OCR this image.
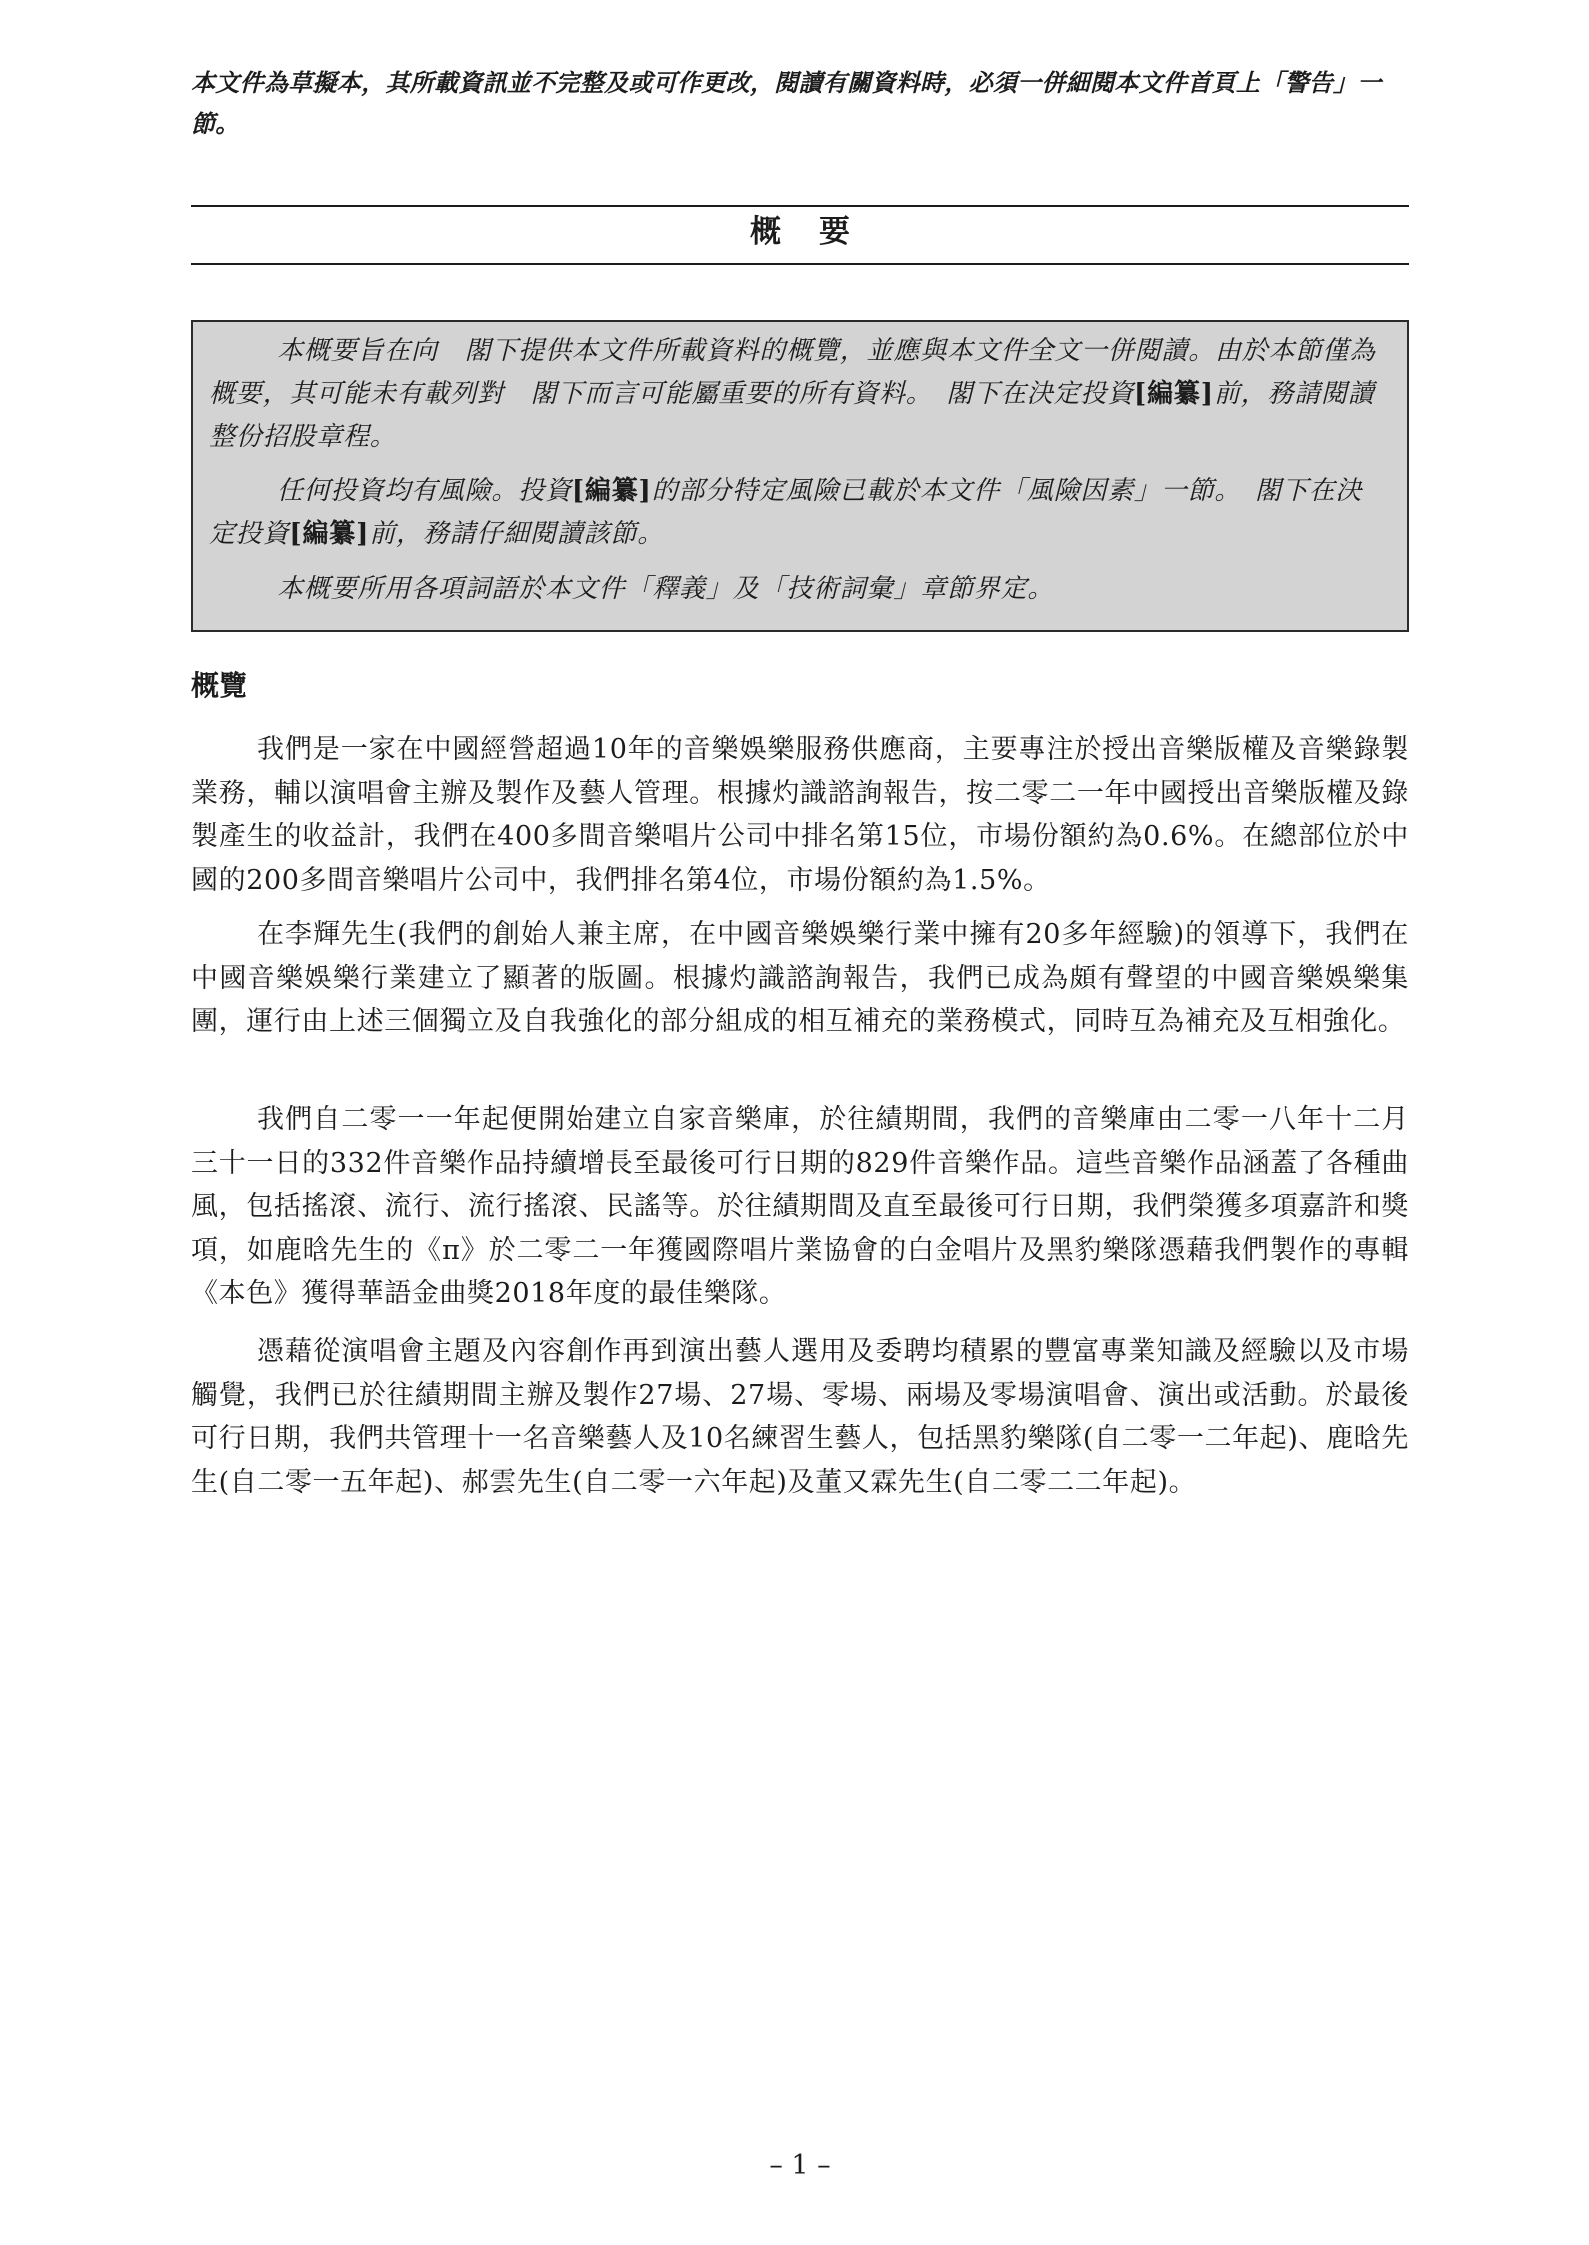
本文件為草擬本，其所載資訊並不完整及或可作更改，閱讀有關資料時，必須一併細閱本文件首頁上「警告」一節。
概要

本概要旨在向　閣下提供本文件所載資料的概覽，並應與本文件全文一併閱讀。由於本節僅為概要，其可能未有載列對　閣下而言可能屬重要的所有資料。　閣下在決定投資[編纂]前，務請閱讀整份招股章程。

任何投資均有風險。投資[編纂]的部分特定風險已載於本文件「風險因素」一節。　閣下在決定投資[編纂]前，務請仔細閱讀該節。

本概要所用各項詞語於本文件「釋義」及「技術詞彙」章節界定。

概覽

我們是一家在中國經營超過10年的音樂娛樂服務供應商，主要專注於授出音樂版權及音樂錄製業務，輔以演唱會主辦及製作及藝人管理。根據灼識諮詢報告，按二零二一年中國授出音樂版權及錄製產生的收益計，我們在400多間音樂唱片公司中排名第15位，市場份額約為0.6%。在總部位於中國的200多間音樂唱片公司中，我們排名第4位，市場份額約為1.5%。

在李輝先生(我們的創始人兼主席，在中國音樂娛樂行業中擁有20多年經驗)的領導下，我們在中國音樂娛樂行業建立了顯著的版圖。根據灼識諮詢報告，我們已成為頗有聲望的中國音樂娛樂集團，運行由上述三個獨立及自我強化的部分組成的相互補充的業務模式，同時互為補充及互相強化。

我們自二零一一年起便開始建立自家音樂庫，於往績期間，我們的音樂庫由二零一八年十二月三十一日的332件音樂作品持續增長至最後可行日期的829件音樂作品。這些音樂作品涵蓋了各種曲風，包括搖滾、流行、流行搖滾、民謠等。於往績期間及直至最後可行日期，我們榮獲多項嘉許和獎項，如鹿晗先生的《π》於二零二一年獲國際唱片業協會的白金唱片及黑豹樂隊憑藉我們製作的專輯《本色》獲得華語金曲獎2018年度的最佳樂隊。

憑藉從演唱會主題及內容創作再到演出藝人選用及委聘均積累的豐富專業知識及經驗以及市場觸覺，我們已於往績期間主辦及製作27場、27場、零場、兩場及零場演唱會、演出或活動。於最後可行日期，我們共管理十一名音樂藝人及10名練習生藝人，包括黑豹樂隊(自二零一二年起)、鹿晗先生(自二零一五年起)、郝雲先生(自二零一六年起)及董又霖先生(自二零二二年起)。

– 1 –
